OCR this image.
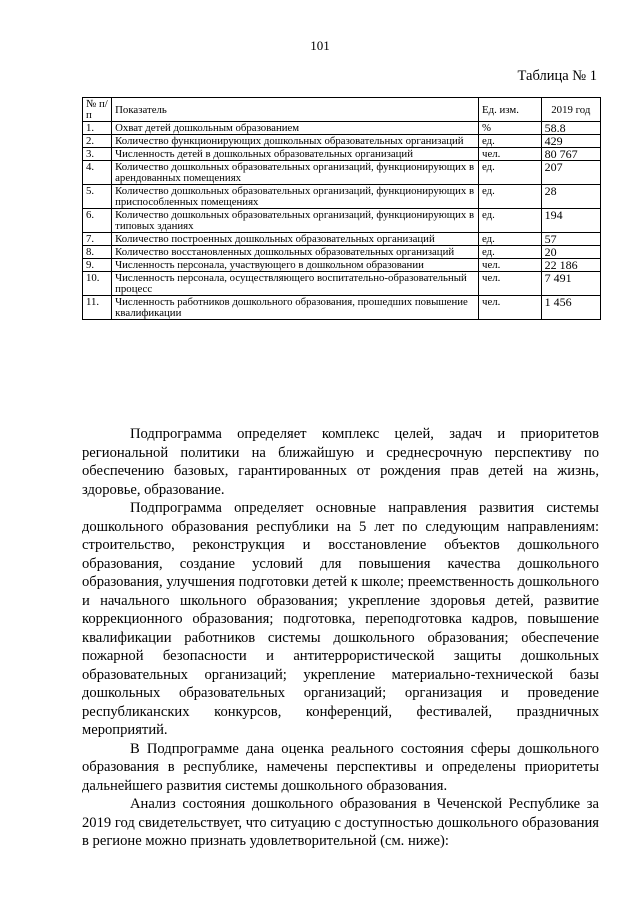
101
Таблица № 1
№ п/п	Показатель	Ед. изм.	2019 год
1.	Охват детей дошкольным образованием	%	58.8
2.	Количество функционирующих дошкольных образовательных организаций	ед.	429
3.	Численность детей в дошкольных образовательных организаций	чел.	80 767
4.	Количество дошкольных образовательных организаций, функционирующих в арендованных помещениях	ед.	207
5.	Количество дошкольных образовательных организаций, функционирующих в приспособленных помещениях	ед.	28
6.	Количество дошкольных образовательных организаций, функционирующих в типовых зданиях	ед.	194
7.	Количество построенных дошкольных образовательных организаций	ед.	57
8.	Количество восстановленных дошкольных образовательных организаций	ед.	20
9.	Численность персонала, участвующего в дошкольном образовании	чел.	22 186
10.	Численность персонала, осуществляющего воспитательно-образовательный процесс	чел.	7 491
11.	Численность работников дошкольного образования, прошедших повышение квалификации	чел.	1 456

Подпрограмма определяет комплекс целей, задач и приоритетов региональной политики на ближайшую и среднесрочную перспективу по обеспечению базовых, гарантированных от рождения прав детей на жизнь, здоровье, образование.

Подпрограмма определяет основные направления развития системы дошкольного образования республики на 5 лет по следующим направлениям: строительство, реконструкция и восстановление объектов дошкольного образования, создание условий для повышения качества дошкольного образования, улучшения подготовки детей к школе; преемственность дошкольного и начального школьного образования; укрепление здоровья детей, развитие коррекционного образования; подготовка, переподготовка кадров, повышение квалификации работников системы дошкольного образования; обеспечение пожарной безопасности и антитеррористической защиты дошкольных образовательных организаций; укрепление материально-технической базы дошкольных образовательных организаций; организация и проведение республиканских конкурсов, конференций, фестивалей, праздничных мероприятий.

В Подпрограмме дана оценка реального состояния сферы дошкольного образования в республике, намечены перспективы и определены приоритеты дальнейшего развития системы дошкольного образования.

Анализ состояния дошкольного образования в Чеченской Республике за 2019 год свидетельствует, что ситуацию с доступностью дошкольного образования в регионе можно признать удовлетворительной (см. ниже):
